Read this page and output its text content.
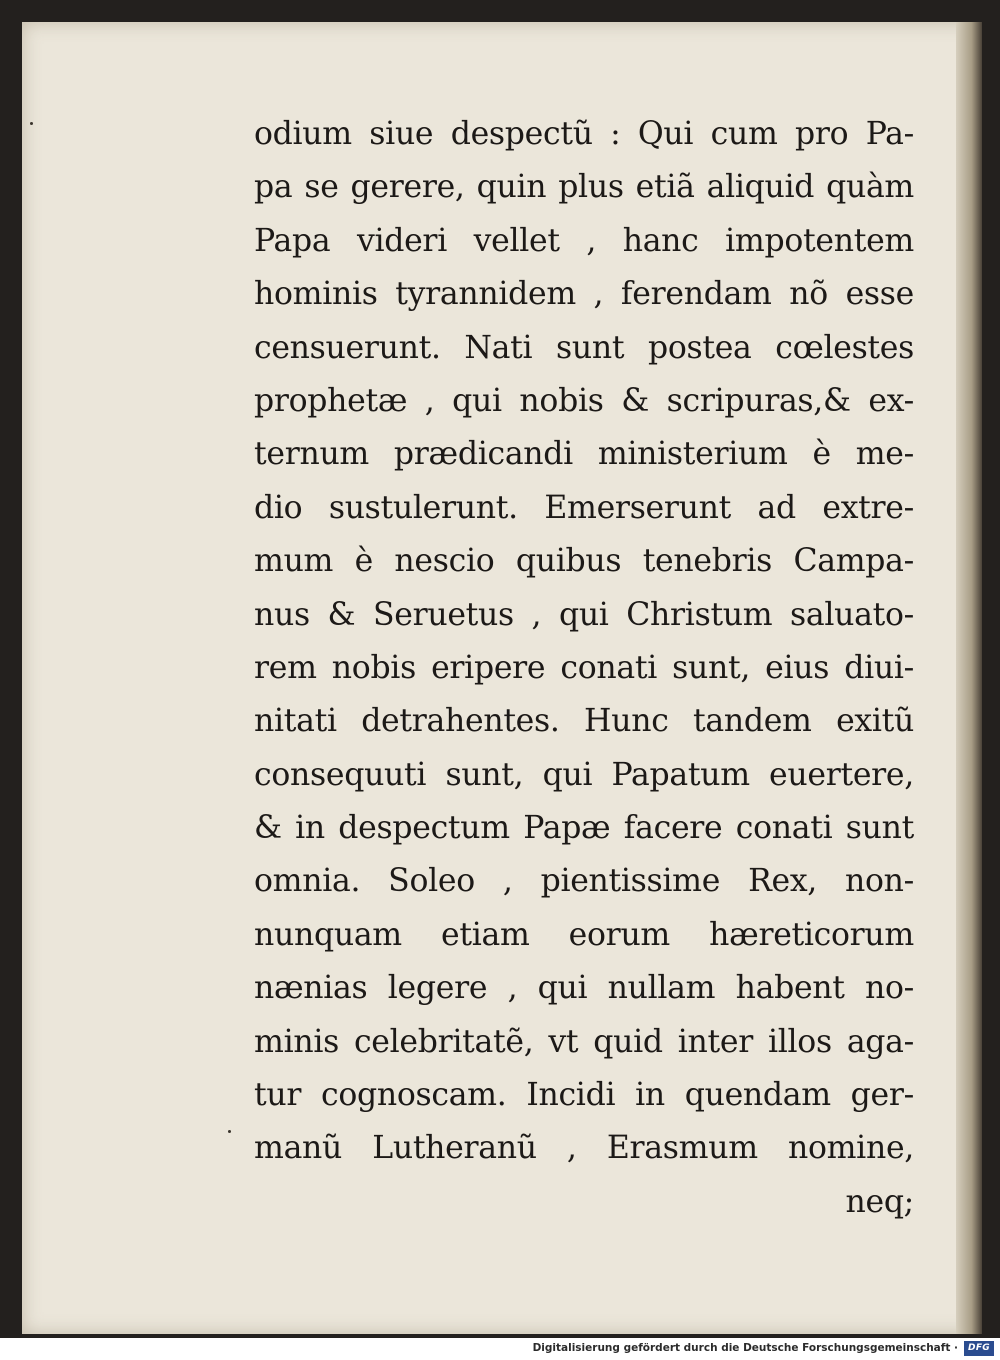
odium siue despectũ : Qui cum pro Pa-
pa se gerere, quin plus etiã aliquid quàm
Papa videri vellet , hanc impotentem
hominis tyrannidem , ferendam nõ esse
censuerunt. Nati sunt postea cœlestes
prophetæ , qui nobis & scripuras,& ex-
ternum prædicandi ministerium è me-
dio sustulerunt. Emerserunt ad extre-
mum è nescio quibus tenebris Campa-
nus & Seruetus , qui Christum saluato-
rem nobis eripere conati sunt, eius diui-
nitati detrahentes. Hunc tandem exitũ
consequuti sunt, qui Papatum euertere,
& in despectum Papæ facere conati sunt
omnia. Soleo , pientissime Rex, non-
nunquam etiam eorum hæreticorum
nænias legere , qui nullam habent no-
minis celebritatẽ, vt quid inter illos aga-
tur cognoscam. Incidi in quendam ger-
manũ Lutheranũ , Erasmum nomine,
neq;
Digitalisierung gefördert durch die Deutsche Forschungsgemeinschaft ·	DFG
